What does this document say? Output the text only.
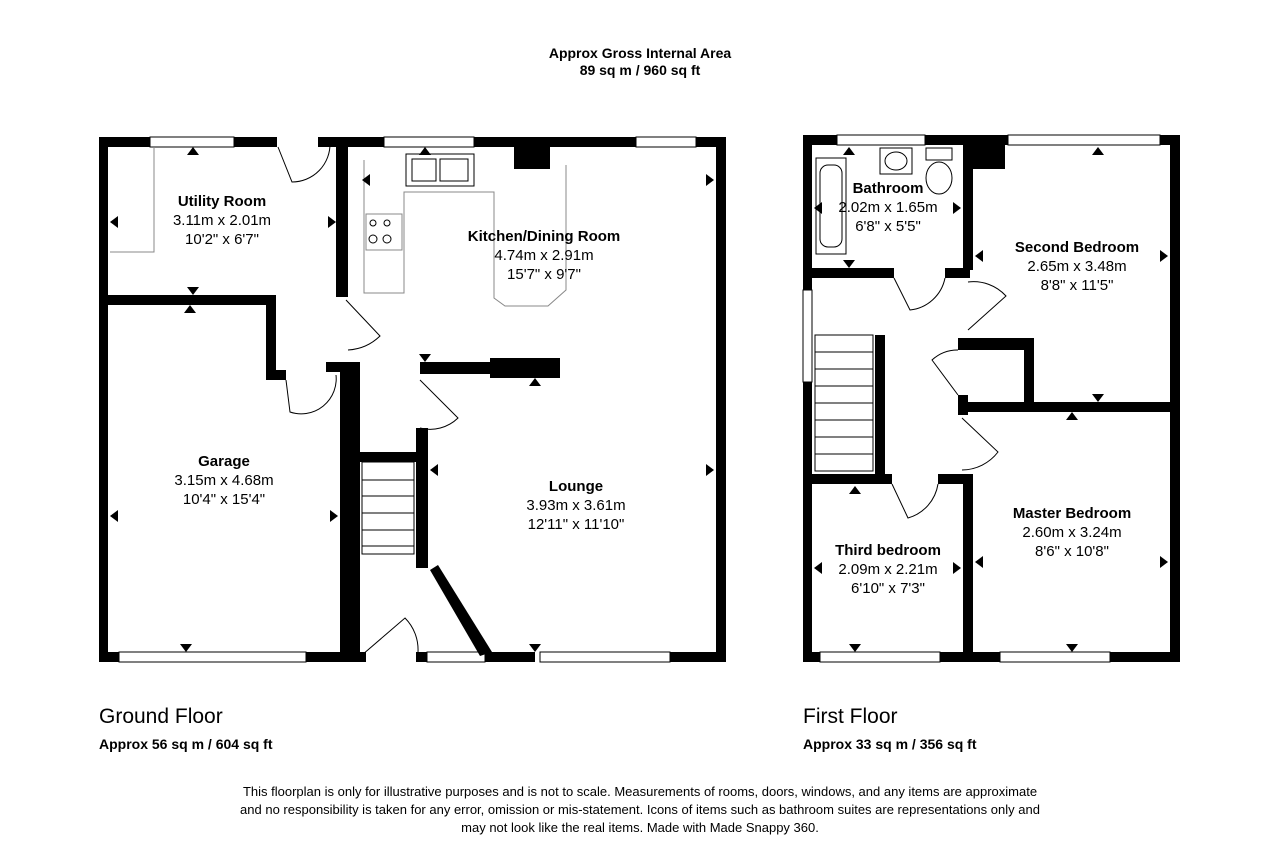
Approx Gross Internal Area
89 sq m / 960 sq ft
Utility Room
3.11m x 2.01m
10'2" x 6'7"	Kitchen/Dining Room
4.74m x 2.91m
15'7" x 9'7"
Garage
3.15m x 4.68m
10'4" x 15'4"
Lounge
3.93m x 3.61m
12'11" x 11'10"
Bathroom
2.02m x 1.65m
6'8" x 5'5"
Second Bedroom
2.65m x 3.48m
8'8" x 11'5"
Third bedroom
2.09m x 2.21m
6'10" x 7'3"
Master Bedroom
2.60m x 3.24m
8'6" x 10'8"
Ground Floor
Approx 56 sq m / 604 sq ft
First Floor
Approx 33 sq m / 356 sq ft
This floorplan is only for illustrative purposes and is not to scale. Measurements of rooms, doors, windows, and any items are approximate
and no responsibility is taken for any error, omission or mis-statement. Icons of items such as bathroom suites are representations only and
may not look like the real items. Made with Made Snappy 360.
